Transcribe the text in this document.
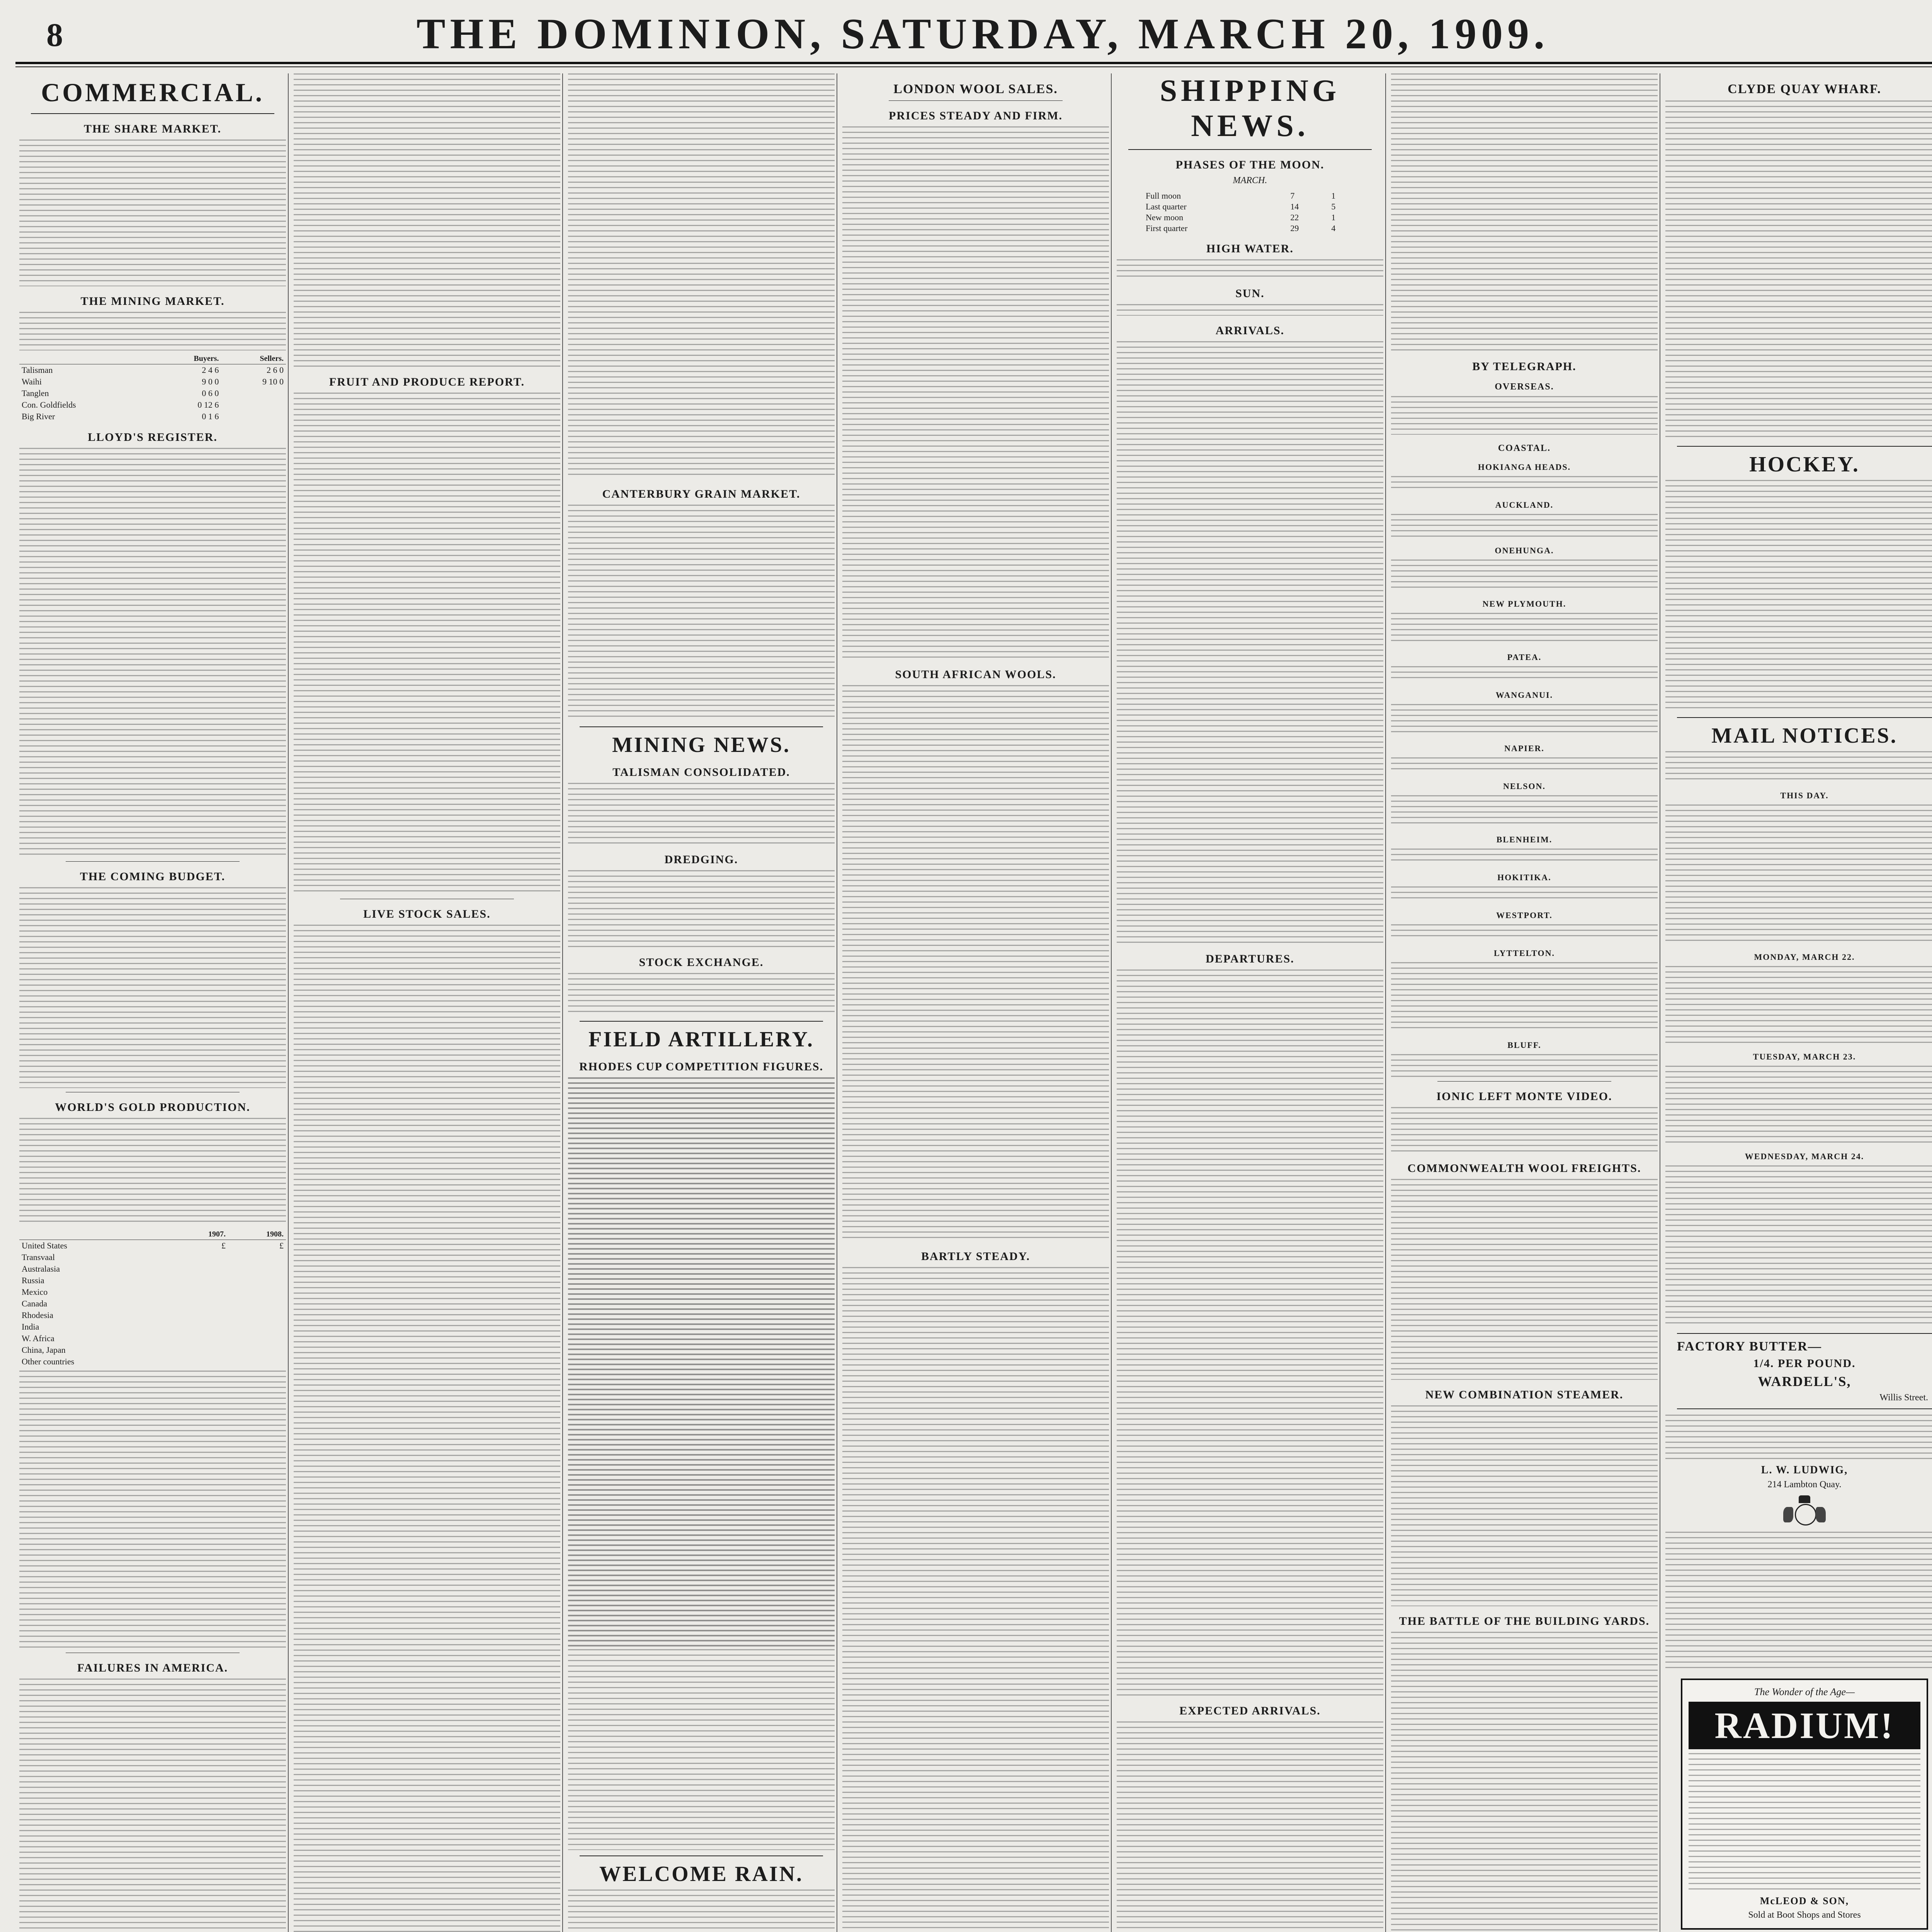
8	THE DOMINION, SATURDAY, MARCH 20, 1909.
COMMERCIAL.
THE SHARE MARKET.
THE MINING MARKET.
	Buyers.	Sellers.
Talisman	2 4 6	2 6 0
Waihi	9 0 0	9 10 0
Tanglen	0 6 0	
Con. Goldfields	0 12 6	
Big River	0 1 6	
LLOYD'S REGISTER.
THE COMING BUDGET.
WORLD'S GOLD PRODUCTION.
	1907.	1908.
United States	£	£
Transvaal		
Australasia		
Russia		
Mexico		
Canada		
Rhodesia		
India		
W. Africa		
China, Japan		
Other countries		
FAILURES IN AMERICA.
FRUIT AND PRODUCE REPORT.
LIVE STOCK SALES.
CANTERBURY GRAIN MARKET.
MINING NEWS.
TALISMAN CONSOLIDATED.
DREDGING.
STOCK EXCHANGE.
FIELD ARTILLERY.
RHODES CUP COMPETITION FIGURES.
WELCOME RAIN.
LONDON WOOL SALES.
PRICES STEADY AND FIRM.
SOUTH AFRICAN WOOLS.
BARTLY STEADY.
SHIPPING NEWS.
PHASES OF THE MOON.
MARCH.
Full moon	7	1
Last quarter	14	5
New moon	22	1
First quarter	29	4
HIGH WATER.
SUN.
ARRIVALS.
DEPARTURES.
EXPECTED ARRIVALS.
BY TELEGRAPH.
OVERSEAS.
COASTAL.
HOKIANGA HEADS.
AUCKLAND.
ONEHUNGA.
NEW PLYMOUTH.
PATEA.
WANGANUI.
NAPIER.
NELSON.
BLENHEIM.
HOKITIKA.
WESTPORT.
LYTTELTON.
BLUFF.
IONIC LEFT MONTE VIDEO.
COMMONWEALTH WOOL FREIGHTS.
NEW COMBINATION STEAMER.
THE BATTLE OF THE BUILDING YARDS.
CLYDE QUAY WHARF.
HOCKEY.
MAIL NOTICES.
THIS DAY.
MONDAY, MARCH 22.
TUESDAY, MARCH 23.
WEDNESDAY, MARCH 24.
FACTORY BUTTER—
1/4. PER POUND.
WARDELL'S,
Willis Street.
L. W. LUDWIG,
214 Lambton Quay.
The Wonder of the Age—
RADIUM!
McLEOD & SON,
Sold at Boot Shops and Stores
